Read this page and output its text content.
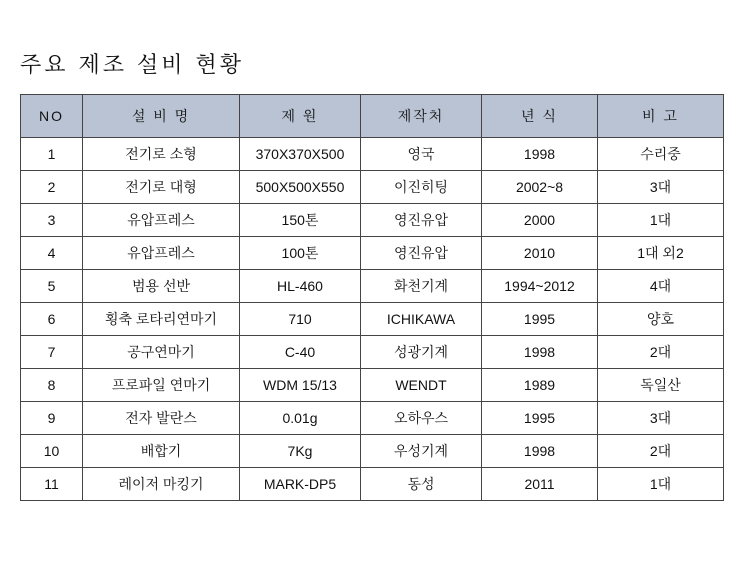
주요 제조 설비 현황
NO	설 비 명	제 원	제작처	년 식	비 고
1	전기로 소형	370X370X500	영국	1998	수리중
2	전기로 대형	500X500X550	이진히팅	2002~8	3대
3	유압프레스	150톤	영진유압	2000	1대
4	유압프레스	100톤	영진유압	2010	1대 외2
5	범용 선반	HL-460	화천기계	1994~2012	4대
6	횡축 로타리연마기	710	ICHIKAWA	1995	양호
7	공구연마기	C-40	성광기계	1998	2대
8	프로파일 연마기	WDM 15/13	WENDT	1989	독일산
9	전자 발란스	0.01g	오하우스	1995	3대
10	배합기	7Kg	우성기계	1998	2대
11	레이저 마킹기	MARK-DP5	동성	2011	1대
